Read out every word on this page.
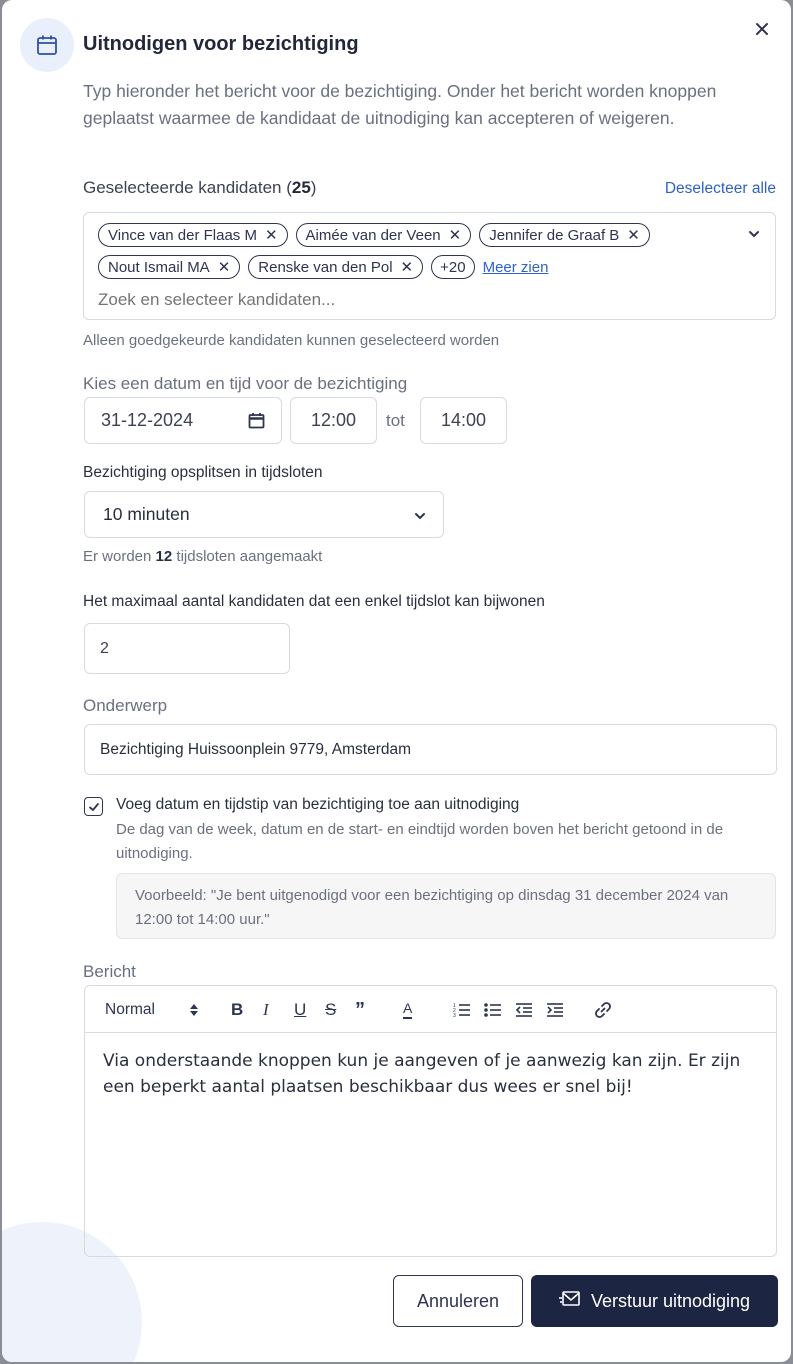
Uitnodigen voor bezichtiging
Typ hieronder het bericht voor de bezichtiging. Onder het bericht worden knoppen geplaatst waarmee de kandidaat de uitnodiging kan accepteren of weigeren.
Geselecteerde kandidaten (25)	Deselecteer alle
Vince van der Flaas M ✕ Aimée van der Veen ✕ Jennifer de Graaf B ✕
Nout Ismail MA ✕ Renske van den Pol ✕	+20	Meer zien
Zoek en selecteer kandidaten...
Alleen goedgekeurde kandidaten kunnen geselecteerd worden
Kies een datum en tijd voor de bezichtiging
31-12-2024	12:00 tot 14:00
Bezichtiging opsplitsen in tijdsloten
10 minuten
Er worden 12 tijdsloten aangemaakt
Het maximaal aantal kandidaten dat een enkel tijdslot kan bijwonen
2
Onderwerp
Bezichtiging Huissoonplein 9779, Amsterdam
Voeg datum en tijdstip van bezichtiging toe aan uitnodiging
De dag van de week, datum en de start- en eindtijd worden boven het bericht getoond in de uitnodiging.
Voorbeeld: "Je bent uitgenodigd voor een bezichtiging op dinsdag 31 december 2024 van 12:00 tot 14:00 uur."
Bericht
Normal	B I U S ”	A	1
2
3
Via onderstaande knoppen kun je aangeven of je aanwezig kan zijn. Er zijn een beperkt aantal plaatsen beschikbaar dus wees er snel bij!
Annuleren	Verstuur uitnodiging
